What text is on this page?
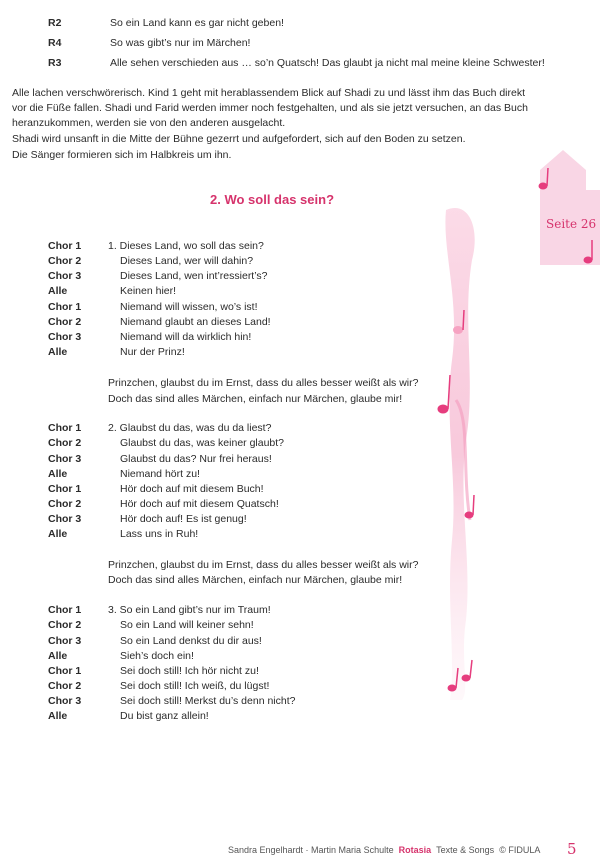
Seite 26
R2	So ein Land kann es gar nicht geben!
R4	So was gibt’s nur im Märchen!
R3	Alle sehen verschieden aus … so’n Quatsch! Das glaubt ja nicht mal meine kleine Schwester!
Alle lachen verschwörerisch. Kind 1 geht mit herablassendem Blick auf Shadi zu und lässt ihm das Buch direkt
vor die Füße fallen. Shadi und Farid werden immer noch festgehalten, und als sie jetzt versuchen, an das Buch
heranzukommen, werden sie von den anderen ausgelacht.
Shadi wird unsanft in die Mitte der Bühne gezerrt und aufgefordert, sich auf den Boden zu setzen.
Die Sänger formieren sich im Halbkreis um ihn.
2. Wo soll das sein?
Chor 1	1. Dieses Land, wo soll das sein?
Chor 2	Dieses Land, wer will dahin?
Chor 3	Dieses Land, wen int’ressiert’s?
Alle	Keinen hier!
Chor 1	Niemand will wissen, wo’s ist!
Chor 2	Niemand glaubt an dieses Land!
Chor 3	Niemand will da wirklich hin!
Alle	Nur der Prinz!
Prinzchen, glaubst du im Ernst, dass du alles besser weißt als wir?
Doch das sind alles Märchen, einfach nur Märchen, glaube mir!
Chor 1	2. Glaubst du das, was du da liest?
Chor 2	Glaubst du das, was keiner glaubt?
Chor 3	Glaubst du das? Nur frei heraus!
Alle	Niemand hört zu!
Chor 1	Hör doch auf mit diesem Buch!
Chor 2	Hör doch auf mit diesem Quatsch!
Chor 3	Hör doch auf! Es ist genug!
Alle	Lass uns in Ruh!
Prinzchen, glaubst du im Ernst, dass du alles besser weißt als wir?
Doch das sind alles Märchen, einfach nur Märchen, glaube mir!
Chor 1	3. So ein Land gibt’s nur im Traum!
Chor 2	So ein Land will keiner sehn!
Chor 3	So ein Land denkst du dir aus!
Alle	Sieh’s doch ein!
Chor 1	Sei doch still! Ich hör nicht zu!
Chor 2	Sei doch still! Ich weiß, du lügst!
Chor 3	Sei doch still! Merkst du’s denn nicht?
Alle	Du bist ganz allein!
Sandra Engelhardt · Martin Maria Schulte Rotasia Texte & Songs © FIDULA 5
